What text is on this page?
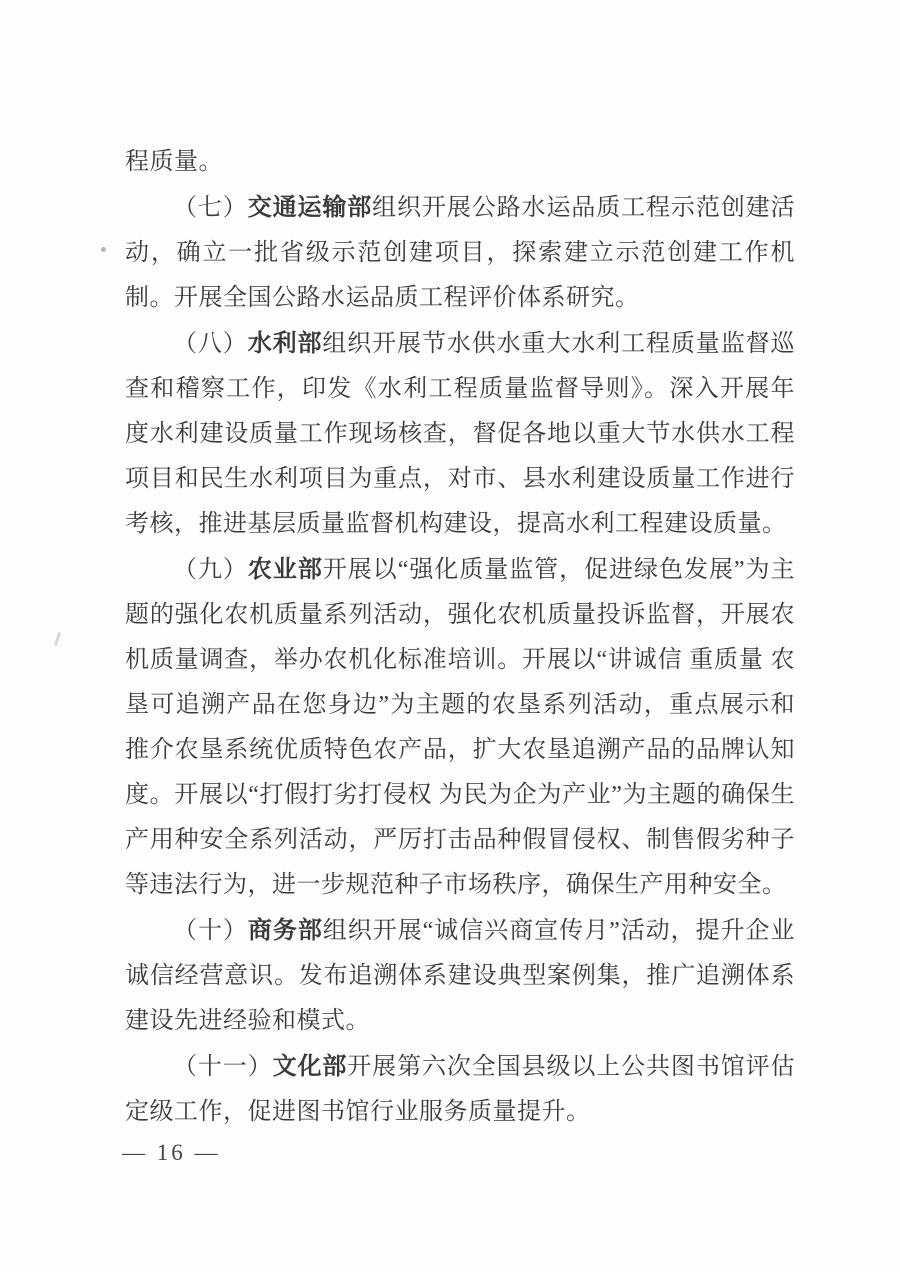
程质量。

（七）交通运输部组织开展公路水运品质工程示范创建活动，确立一批省级示范创建项目，探索建立示范创建工作机制。开展全国公路水运品质工程评价体系研究。

（八）水利部组织开展节水供水重大水利工程质量监督巡查和稽察工作，印发《水利工程质量监督导则》。深入开展年度水利建设质量工作现场核查，督促各地以重大节水供水工程项目和民生水利项目为重点，对市、县水利建设质量工作进行考核，推进基层质量监督机构建设，提高水利工程建设质量。

（九）农业部开展以“强化质量监管，促进绿色发展”为主题的强化农机质量系列活动，强化农机质量投诉监督，开展农机质量调查，举办农机化标准培训。开展以“讲诚信 重质量 农垦可追溯产品在您身边”为主题的农垦系列活动，重点展示和推介农垦系统优质特色农产品，扩大农垦追溯产品的品牌认知度。开展以“打假打劣打侵权 为民为企为产业”为主题的确保生产用种安全系列活动，严厉打击品种假冒侵权、制售假劣种子等违法行为，进一步规范种子市场秩序，确保生产用种安全。

（十）商务部组织开展“诚信兴商宣传月”活动，提升企业诚信经营意识。发布追溯体系建设典型案例集，推广追溯体系建设先进经验和模式。

（十一）文化部开展第六次全国县级以上公共图书馆评估定级工作，促进图书馆行业服务质量提升。

— 16 —
